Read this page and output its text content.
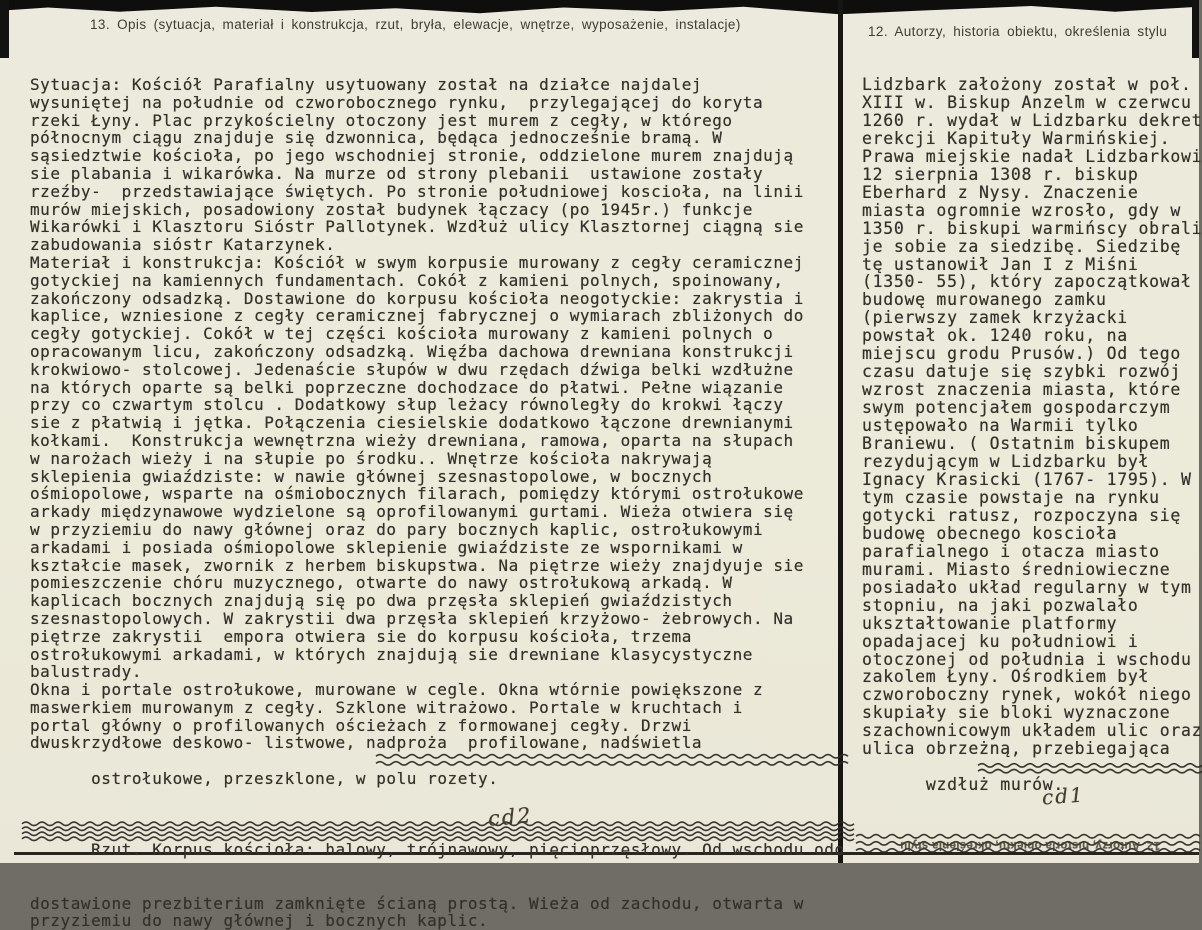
13. Opis (sytuacja, materiał i konstrukcja, rzut, bryła, elewacje, wnętrze, wyposażenie, instalacje)	12. Autorzy, historia obiektu, określenia stylu
Sytuacja: Kościół Parafialny usytuowany został na działce najdalej
wysuniętej na południe od czworobocznego rynku,  przylegającej do koryta
rzeki Łyny. Plac przykościelny otoczony jest murem z cegły, w którego
północnym ciągu znajduje się dzwonnica, będąca jednocześnie bramą. W
sąsiedztwie kościoła, po jego wschodniej stronie, oddzielone murem znajdują
sie plabania i wikarówka. Na murze od strony plebanii  ustawione zostały
rzeźby-  przedstawiające świętych. Po stronie południowej koscioła, na linii
murów miejskich, posadowiony został budynek łączacy (po 1945r.) funkcje
Wikarówki i Klasztoru Sióstr Pallotynek. Wzdłuż ulicy Klasztornej ciągną sie
zabudowania sióstr Katarzynek.
Materiał i konstrukcja: Kościół w swym korpusie murowany z cegły ceramicznej
gotyckiej na kamiennych fundamentach. Cokół z kamieni polnych, spoinowany,
zakończony odsadzką. Dostawione do korpusu kościoła neogotyckie: zakrystia i
kaplice, wzniesione z cegły ceramicznej fabrycznej o wymiarach zbliżonych do
cegły gotyckiej. Cokół w tej części kościoła murowany z kamieni polnych o
opracowanym licu, zakończony odsadzką. Więźba dachowa drewniana konstrukcji
krokwiowo- stolcowej. Jedenaście słupów w dwu rzędach dźwiga belki wzdłużne
na których oparte są belki poprzeczne dochodzace do płatwi. Pełne wiązanie
przy co czwartym stolcu . Dodatkowy słup leżacy równoległy do krokwi łączy
sie z płatwią i jętka. Połączenia ciesielskie dodatkowo łączone drewnianymi
kołkami.  Konstrukcja wewnętrzna wieży drewniana, ramowa, oparta na słupach
w narożach wieży i na słupie po środku.. Wnętrze kościoła nakrywają
sklepienia gwiaździste: w nawie głównej szesnastopolowe, w bocznych
ośmiopolowe, wsparte na ośmiobocznych filarach, pomiędzy którymi ostrołukowe
arkady międzynawowe wydzielone są oprofilowanymi gurtami. Wieża otwiera się
w przyziemiu do nawy głównej oraz do pary bocznych kaplic, ostrołukowymi
arkadami i posiada ośmiopolowe sklepienie gwiaździste ze wspornikami w
kształcie masek, zwornik z herbem biskupstwa. Na piętrze wieży znajdyuje sie
pomieszczenie chóru muzycznego, otwarte do nawy ostrołukową arkadą. W
kaplicach bocznych znajdują się po dwa przęsła sklepień gwiaździstych
szesnastopolowych. W zakrystii dwa przęsła sklepień krzyżowo- żebrowych. Na
piętrze zakrystii  empora otwiera sie do korpusu kościoła, trzema
ostrołukowymi arkadami, w których znajdują sie drewniane klasycystyczne
balustrady.
Okna i portale ostrołukowe, murowane w cegle. Okna wtórnie powiększone z
maswerkiem murowanym z cegły. Szklone witrażowo. Portale w kruchtach i
portal główny o profilowanych ościeżach z formowanej cegły. Drzwi
dwuskrzydłowe deskowo- listwowe, nadproża  profilowane, nadświetla

ostrołukowe, przeszklone, w polu rozety.

Rzut. Korpus kościoła: halowy, trójnawowy, pięcioprzęsłowy. Od wschodu odo

dostawione prezbiterium zamknięte ścianą prostą. Wieża od zachodu, otwarta w
przyziemiu do nawy głównej i bocznych kaplic.
cd2
Lidzbark założony został w poł.
XIII w. Biskup Anzelm w czerwcu
1260 r. wydał w Lidzbarku dekret
erekcji Kapituły Warmińskiej.
Prawa miejskie nadał Lidzbarkowi
12 sierpnia 1308 r. biskup
Eberhard z Nysy. Znaczenie
miasta ogromnie wzrosło, gdy w
1350 r. biskupi warmińscy obrali
je sobie za siedzibę. Siedzibę
tę ustanowił Jan I z Miśni
(1350- 55), który zapoczątkował
budowę murowanego zamku
(pierwszy zamek krzyżacki
powstał ok. 1240 roku, na
miejscu grodu Prusów.) Od tego
czasu datuje się szybki rozwój
wzrost znaczenia miasta, które
swym potencjałem gospodarczym
ustępowało na Warmii tylko
Braniewu. ( Ostatnim biskupem
rezydującym w Lidzbarku był
Ignacy Krasicki (1767- 1795). W
tym czasie powstaje na rynku
gotycki ratusz, rozpoczyna się
budowę obecnego koscioła
parafialnego i otacza miasto
murami. Miasto średniowieczne
posiadało układ regularny w tym
stopniu, na jaki pozwalało
ukształtowanie platformy
opadajacej ku południowi i
otoczonej od południa i wschodu
zakolem Łyny. Ośrodkiem był
czworoboczny rynek, wokół niego
skupiały sie bloki wyznaczone
szachownicowym układem ulic oraz
ulica obrzeżną, przebiegająca

wzdłuż murów.

12. Autorzy, historia obiektu, określenia stylu
cd1
